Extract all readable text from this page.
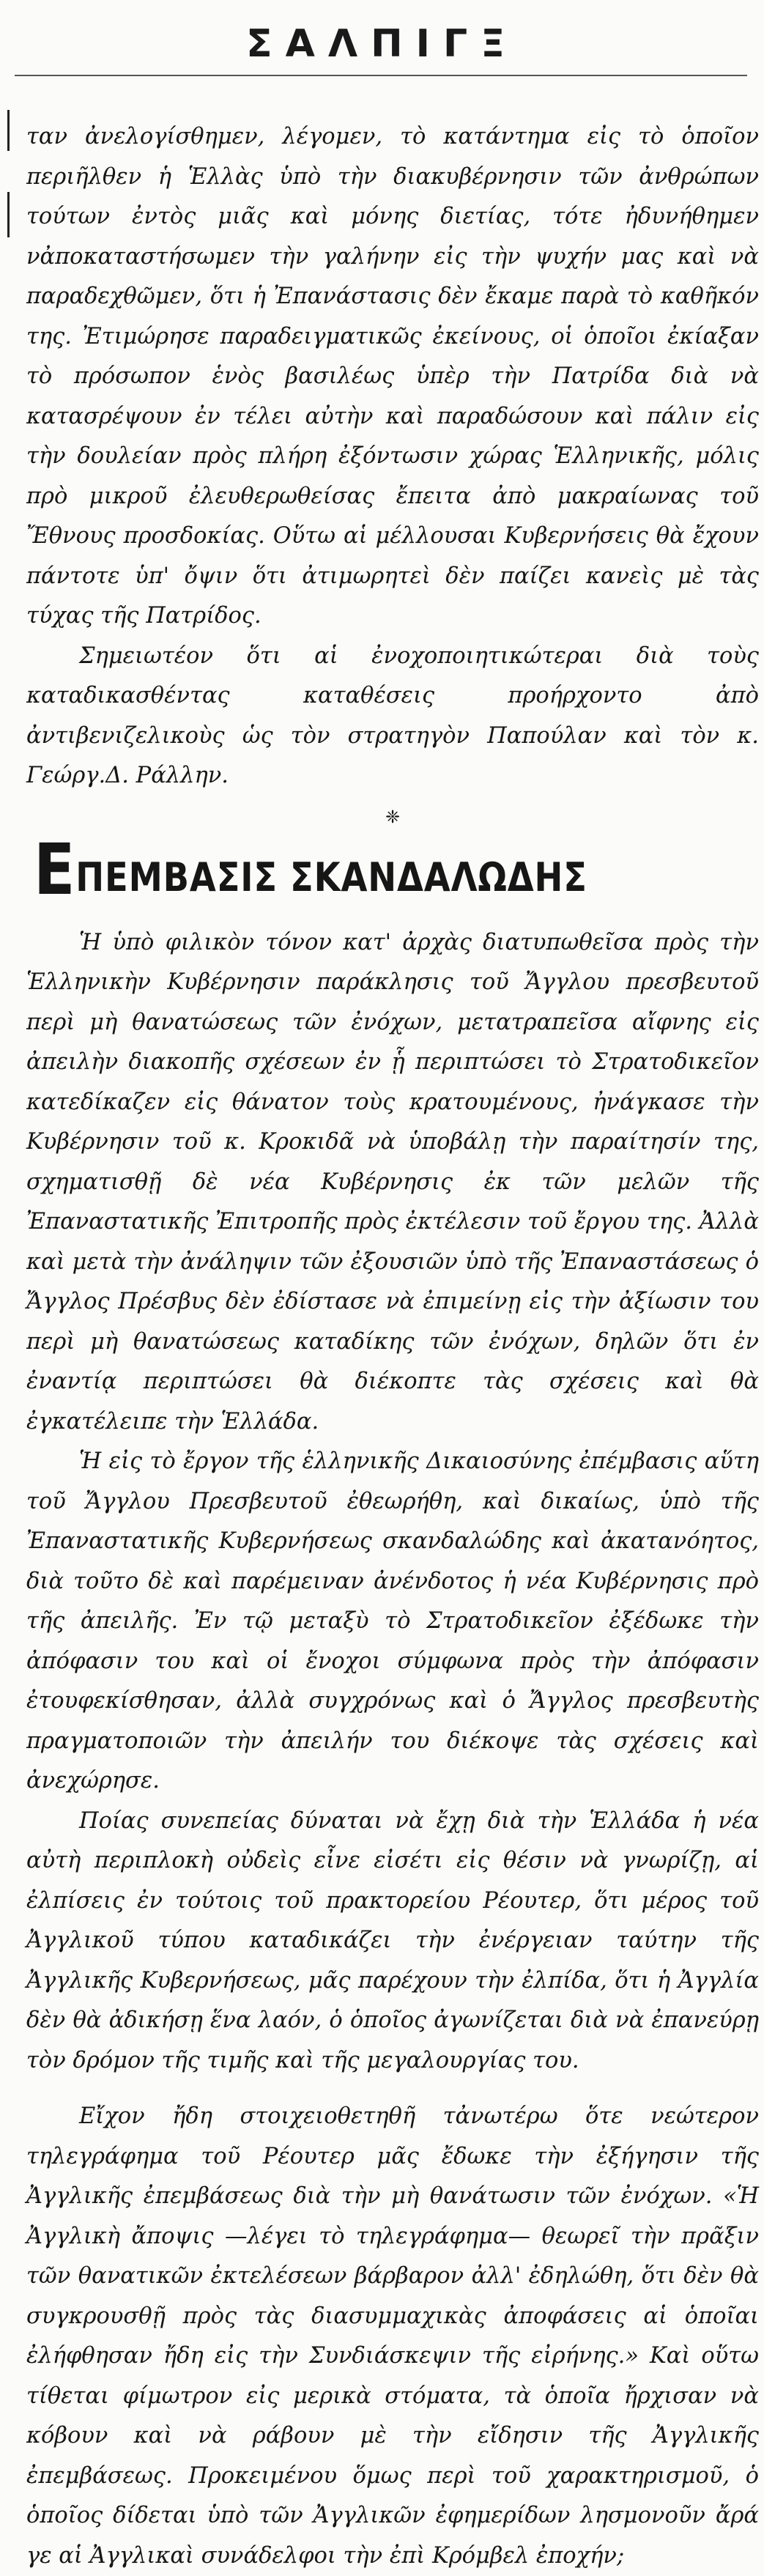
ΣΑΛΠΙΓΞ

ταν ἀνελογίσθημεν, λέγομεν, τὸ κατάντημα εἰς τὸ ὁποῖον περιῆλθεν ἡ Ἑλλὰς ὑπὸ τὴν διακυβέρνησιν τῶν ἀνθρώπων τούτων ἐντὸς μιᾶς καὶ μόνης διετίας, τότε ἠδυνήθημεν νἀποκαταστήσωμεν τὴν γαλήνην εἰς τὴν ψυχήν μας καὶ νὰ παραδεχθῶμεν, ὅτι ἡ Ἐπανάστασις δὲν ἔκαμε παρὰ τὸ καθῆκόν της. Ἐτιμώρησε παραδειγματικῶς ἐκείνους, οἱ ὁποῖοι ἐκίαξαν τὸ πρόσωπον ἑνὸς βασιλέως ὑπὲρ τὴν Πατρίδα διὰ νὰ κατασρέψουν ἐν τέλει αὐτὴν καὶ παραδώσουν καὶ πάλιν εἰς τὴν δουλείαν πρὸς πλήρη ἐξόντωσιν χώρας Ἑλληνικῆς, μόλις πρὸ μικροῦ ἐλευθερωθείσας ἔπειτα ἀπὸ μακραίωνας τοῦ Ἔθνους προσδοκίας. Οὕτω αἱ μέλλουσαι Κυβερνήσεις θὰ ἔχουν πάντοτε ὑπ' ὄψιν ὅτι ἀτιμωρητεὶ δὲν παίζει κανεὶς μὲ τὰς τύχας τῆς Πατρίδος.

Σημειωτέον ὅτι αἱ ἐνοχοποιητικώτεραι διὰ τοὺς καταδικασθέντας καταθέσεις προήρχοντο ἀπὸ ἀντιβενιζελικοὺς ὡς τὸν στρατηγὸν Παπούλαν καὶ τὸν κ. Γεώργ.Δ. Ράλλην.

❈
ΕΠΕΜΒΑΣΙΣ ΣΚΑΝΔΑΛΩΔΗΣ

Ἡ ὑπὸ φιλικὸν τόνον κατ' ἀρχὰς διατυπωθεῖσα πρὸς τὴν Ἑλληνικὴν Κυβέρνησιν παράκλησις τοῦ Ἄγγλου πρεσβευτοῦ περὶ μὴ θανατώσεως τῶν ἐνόχων, μετατραπεῖσα αἴφνης εἰς ἀπειλὴν διακοπῆς σχέσεων ἐν ᾗ περιπτώσει τὸ Στρατοδικεῖον κατεδίκαζεν εἰς θάνατον τοὺς κρατουμένους, ἠνάγκασε τὴν Κυβέρνησιν τοῦ κ. Κροκιδᾶ νὰ ὑποβάλῃ τὴν παραίτησίν της, σχηματισθῇ δὲ νέα Κυβέρνησις ἐκ τῶν μελῶν τῆς Ἐπαναστατικῆς Ἐπιτροπῆς πρὸς ἐκτέλεσιν τοῦ ἔργου της. Ἀλλὰ καὶ μετὰ τὴν ἀνάληψιν τῶν ἐξουσιῶν ὑπὸ τῆς Ἐπαναστάσεως ὁ Ἄγγλος Πρέσβυς δὲν ἐδίστασε νὰ ἐπιμείνῃ εἰς τὴν ἀξίωσιν του περὶ μὴ θανατώσεως καταδίκης τῶν ἐνόχων, δηλῶν ὅτι ἐν ἐναντίᾳ περιπτώσει θὰ διέκοπτε τὰς σχέσεις καὶ θὰ ἐγκατέλειπε τὴν Ἑλλάδα.

Ἡ εἰς τὸ ἔργον τῆς ἑλληνικῆς Δικαιοσύνης ἐπέμβασις αὕτη τοῦ Ἄγγλου Πρεσβευτοῦ ἐθεωρήθη, καὶ δικαίως, ὑπὸ τῆς Ἐπαναστατικῆς Κυβερνήσεως σκανδαλώδης καὶ ἀκατανόητος, διὰ τοῦτο δὲ καὶ παρέμειναν ἀνένδοτος ἡ νέα Κυβέρνησις πρὸ τῆς ἀπειλῆς. Ἐν τῷ μεταξὺ τὸ Στρατοδικεῖον ἐξέδωκε τὴν ἀπόφασιν του καὶ οἱ ἔνοχοι σύμφωνα πρὸς τὴν ἀπόφασιν ἐτουφεκίσθησαν, ἀλλὰ συγχρόνως καὶ ὁ Ἄγγλος πρεσβευτὴς πραγματοποιῶν τὴν ἀπειλήν του διέκοψε τὰς σχέσεις καὶ ἀνεχώρησε.

Ποίας συνεπείας δύναται νὰ ἔχῃ διὰ τὴν Ἑλλάδα ἡ νέα αὐτὴ περιπλοκὴ οὐδεὶς εἶνε εἰσέτι εἰς θέσιν νὰ γνωρίζῃ, αἱ ἐλπίσεις ἐν τούτοις τοῦ πρακτορείου Ρέουτερ, ὅτι μέρος τοῦ Ἀγγλικοῦ τύπου καταδικάζει τὴν ἐνέργειαν ταύτην τῆς Ἀγγλικῆς Κυβερνήσεως, μᾶς παρέχουν τὴν ἐλπίδα, ὅτι ἡ Ἀγγλία δὲν θὰ ἀδικήσῃ ἕνα λαόν, ὁ ὁποῖος ἀγωνίζεται διὰ νὰ ἐπανεύρῃ τὸν δρόμον τῆς τιμῆς καὶ τῆς μεγαλουργίας του.

Εἴχον ἤδη στοιχειοθετηθῆ τἀνωτέρω ὅτε νεώτερον τηλεγράφημα τοῦ Ρέουτερ μᾶς ἔδωκε τὴν ἐξήγησιν τῆς Ἀγγλικῆς ἐπεμβάσεως διὰ τὴν μὴ θανάτωσιν τῶν ἐνόχων. «Ἡ Ἀγγλικὴ ἄποψις —λέγει τὸ τηλεγράφημα— θεωρεῖ τὴν πρᾶξιν τῶν θανατικῶν ἐκτελέσεων βάρβαρον ἀλλ' ἐδηλώθη, ὅτι δὲν θὰ συγκρουσθῇ πρὸς τὰς διασυμμαχικὰς ἀποφάσεις αἱ ὁποῖαι ἐλήφθησαν ἤδη εἰς τὴν Συνδιάσκεψιν τῆς εἰρήνης.» Καὶ οὕτω τίθεται φίμωτρον εἰς μερικὰ στόματα, τὰ ὁποῖα ἤρχισαν νὰ κόβουν καὶ νὰ ράβουν μὲ τὴν εἴδησιν τῆς Ἀγγλικῆς ἐπεμβάσεως. Προκειμένου ὅμως περὶ τοῦ χαρακτηρισμοῦ, ὁ ὁποῖος δίδεται ὑπὸ τῶν Ἀγγλικῶν ἐφημερίδων λησμονοῦν ἄρά γε αἱ Ἀγγλικαὶ συνάδελφοι τὴν ἐπὶ Κρόμβελ ἐποχήν;
